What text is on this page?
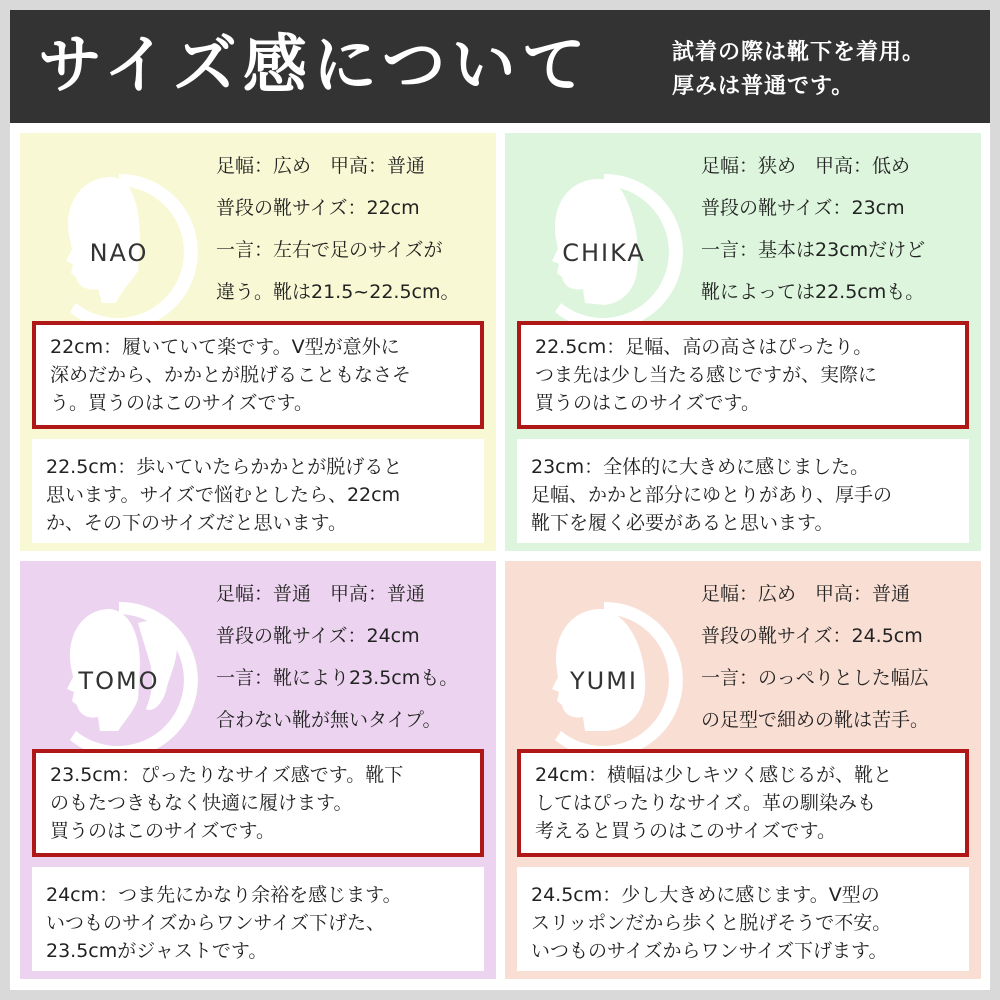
サイズ感について	試着の際は靴下を着用。
厚みは普通です。
NAO
足幅：広め　甲高：普通
普段の靴サイズ：22cm
一言：左右で足のサイズが
違う。靴は21.5~22.5cm。
22cm：履いていて楽です。V型が意外に
深めだから、かかとが脱げることもなさそ
う。買うのはこのサイズです。
22.5cm：歩いていたらかかとが脱げると
思います。サイズで悩むとしたら、22cm
か、その下のサイズだと思います。
CHIKA
足幅：狭め　甲高：低め
普段の靴サイズ：23cm
一言：基本は23cmだけど
靴によっては22.5cmも。
22.5cm：足幅、高の高さはぴったり。
つま先は少し当たる感じですが、実際に
買うのはこのサイズです。
23cm：全体的に大きめに感じました。
足幅、かかと部分にゆとりがあり、厚手の
靴下を履く必要があると思います。
TOMO
足幅：普通　甲高：普通
普段の靴サイズ：24cm
一言：靴により23.5cmも。
合わない靴が無いタイプ。
23.5cm：ぴったりなサイズ感です。靴下
のもたつきもなく快適に履けます。
買うのはこのサイズです。
24cm：つま先にかなり余裕を感じます。
いつものサイズからワンサイズ下げた、
23.5cmがジャストです。
YUMI
足幅：広め　甲高：普通
普段の靴サイズ：24.5cm
一言：のっぺりとした幅広
の足型で細めの靴は苦手。
24cm：横幅は少しキツく感じるが、靴と
してはぴったりなサイズ。革の馴染みも
考えると買うのはこのサイズです。
24.5cm：少し大きめに感じます。V型の
スリッポンだから歩くと脱げそうで不安。
いつものサイズからワンサイズ下げます。
